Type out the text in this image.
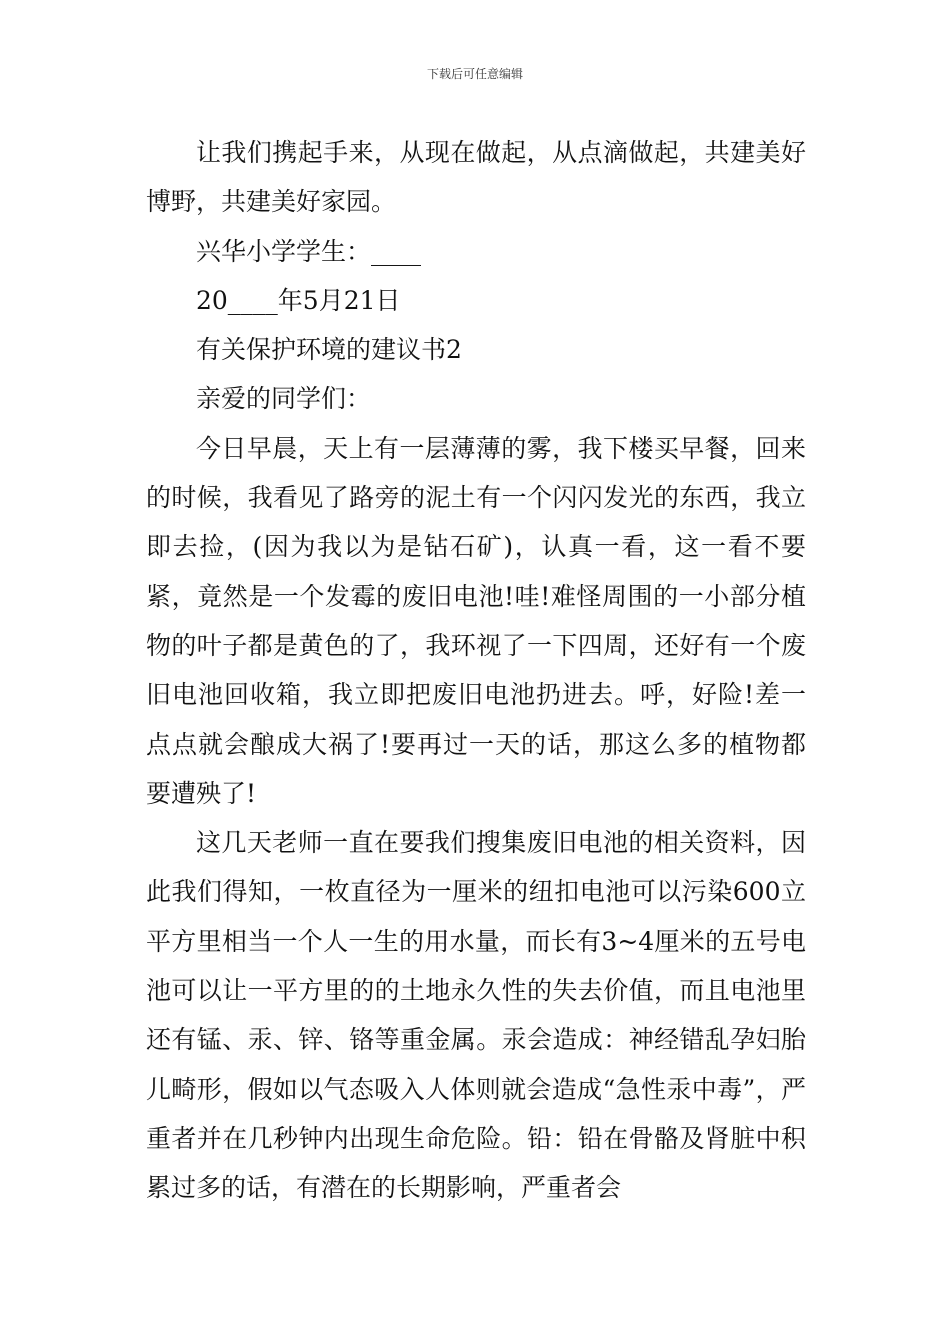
下载后可任意编辑

让我们携起手来，从现在做起，从点滴做起，共建美好博野，共建美好家园。

兴华小学学生：____

20____年5月21日

有关保护环境的建议书2

亲爱的同学们：

今日早晨，天上有一层薄薄的雾，我下楼买早餐，回来的时候，我看见了路旁的泥土有一个闪闪发光的东西，我立即去捡，(因为我以为是钻石矿)，认真一看，这一看不要紧，竟然是一个发霉的废旧电池!哇!难怪周围的一小部分植物的叶子都是黄色的了，我环视了一下四周，还好有一个废旧电池回收箱，我立即把废旧电池扔进去。呼，好险!差一点点就会酿成大祸了!要再过一天的话，那这么多的植物都要遭殃了!

这几天老师一直在要我们搜集废旧电池的相关资料，因此我们得知，一枚直径为一厘米的纽扣电池可以污染600立平方里相当一个人一生的用水量，而长有3~4厘米的五号电池可以让一平方里的的土地永久性的失去价值，而且电池里还有锰、汞、锌、铬等重金属。汞会造成：神经错乱孕妇胎儿畸形，假如以气态吸入人体则就会造成“急性汞中毒”，严重者并在几秒钟内出现生命危险。铅：铅在骨骼及肾脏中积累过多的话，有潜在的长期影响，严重者会
